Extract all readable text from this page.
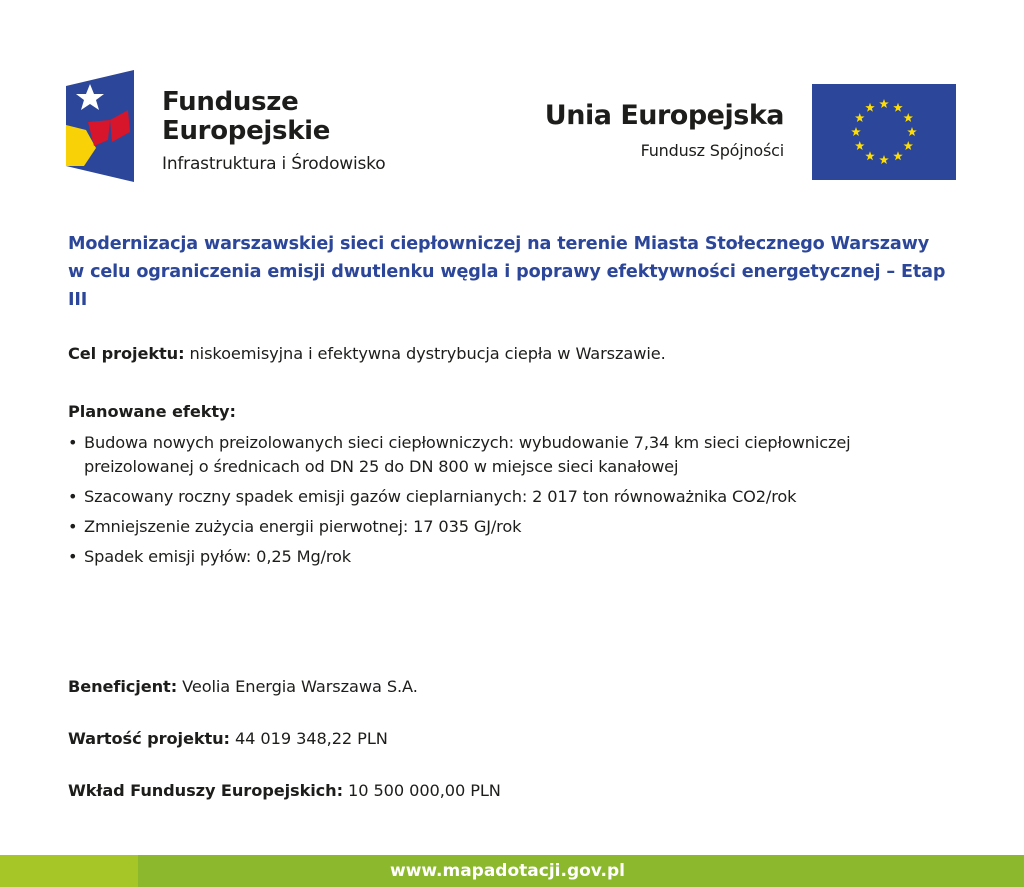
Fundusze
Europejskie
Infrastruktura i Środowisko
Unia Europejska
Fundusz Spójności
Modernizacja warszawskiej sieci ciepłowniczej na terenie Miasta Stołecznego Warszawy w celu ograniczenia emisji dwutlenku węgla i poprawy efektywności energetycznej – Etap III
Cel projektu: niskoemisyjna i efektywna dystrybucja ciepła w Warszawie.
Planowane efekty:
• Budowa nowych preizolowanych sieci ciepłowniczych: wybudowanie 7,34 km sieci ciepłowniczej preizolowanej o średnicach od DN 25 do DN 800 w miejsce sieci kanałowej
• Szacowany roczny spadek emisji gazów cieplarnianych: 2 017 ton równoważnika CO2/rok
• Zmniejszenie zużycia energii pierwotnej: 17 035 GJ/rok
• Spadek emisji pyłów: 0,25 Mg/rok
Beneficjent: Veolia Energia Warszawa S.A.
Wartość projektu: 44 019 348,22 PLN
Wkład Funduszy Europejskich: 10 500 000,00 PLN
www.mapadotacji.gov.pl
